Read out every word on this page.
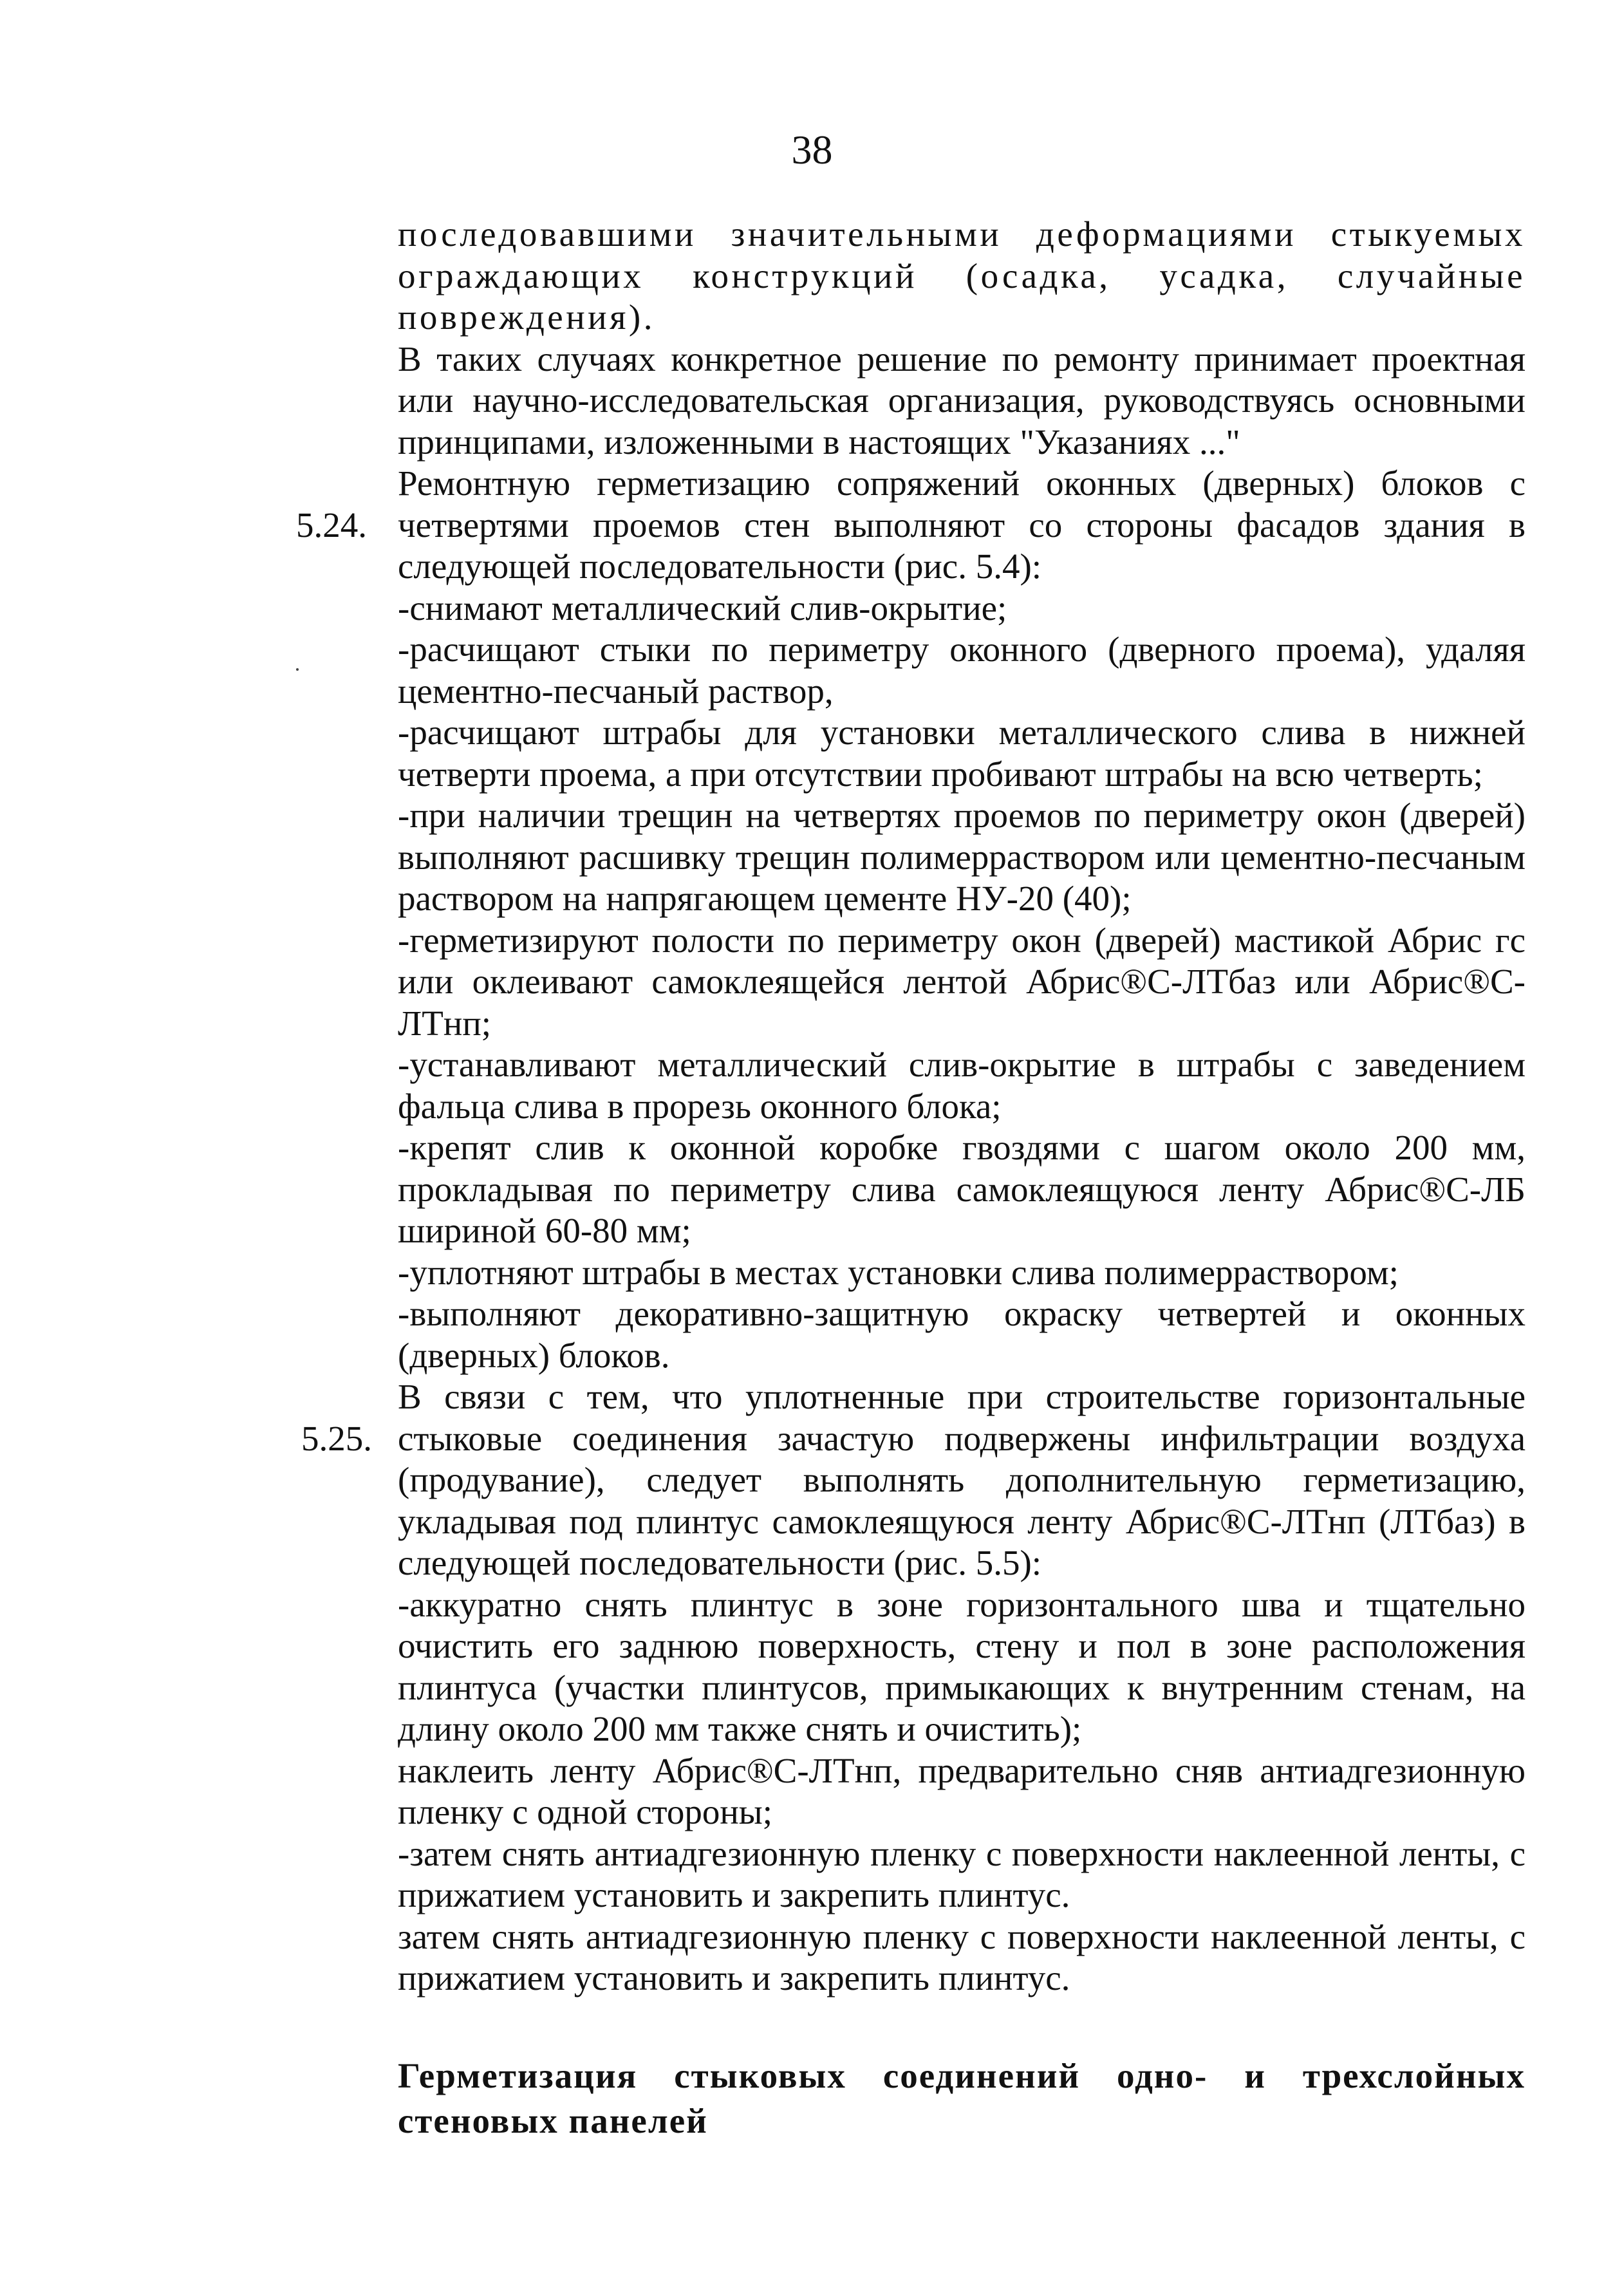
38

последовавшими значительными деформациями стыкуемых ограждающих конструкций (осадка, усадка, случайные повреждения).

В таких случаях конкретное решение по ремонту принимает проектная или научно-исследовательская организация, руководствуясь основными принципами, изложенными в настоящих "Указаниях ..."

5.24.

Ремонтную герметизацию сопряжений оконных (дверных) блоков с четвертями проемов стен выполняют со стороны фасадов здания в следующей последовательности (рис. 5.4):

-снимают металлический слив-окрытие;

-расчищают стыки по периметру оконного (дверного проема), удаляя цементно-песчаный раствор,

-расчищают штрабы для установки металлического слива в нижней четверти проема, а при отсутствии пробивают штрабы на всю четверть;

-при наличии трещин на четвертях проемов по периметру окон (дверей) выполняют расшивку трещин полимерраствором или цементно-песчаным раствором на напрягающем цементе НУ-20 (40);

-герметизируют полости по периметру окон (дверей) мастикой Абрис гс или оклеивают самоклеящейся лентой Абрис®С-ЛТбаз или Абрис®С-ЛТнп;

-устанавливают металлический слив-окрытие в штрабы с заведением фальца слива в прорезь оконного блока;

-крепят слив к оконной коробке гвоздями с шагом около 200 мм, прокладывая по периметру слива самоклеящуюся ленту Абрис®С-ЛБ шириной 60-80 мм;

-уплотняют штрабы в местах установки слива полимерраствором;

-выполняют декоративно-защитную окраску четвертей и оконных (дверных) блоков.

5.25.

В связи с тем, что уплотненные при строительстве горизонтальные стыковые соединения зачастую подвержены инфильтрации воздуха (продувание), следует выполнять дополнительную герметизацию, укладывая под плинтус самоклеящуюся ленту Абрис®С-ЛТнп (ЛТбаз) в следующей последовательности (рис. 5.5):

-аккуратно снять плинтус в зоне горизонтального шва и тщательно очистить его заднюю поверхность, стену и пол в зоне расположения плинтуса (участки плинтусов, примыкающих к внутренним стенам, на длину около 200 мм также снять и очистить);

наклеить ленту Абрис®С-ЛТнп, предварительно сняв антиадгезионную пленку с одной стороны;

-затем снять антиадгезионную пленку с поверхности наклеенной ленты, с прижатием установить и закрепить плинтус.

затем снять антиадгезионную пленку с поверхности наклеенной ленты, с прижатием установить и закрепить плинтус.

Герметизация стыковых соединений одно- и трехслойных стеновых панелей
